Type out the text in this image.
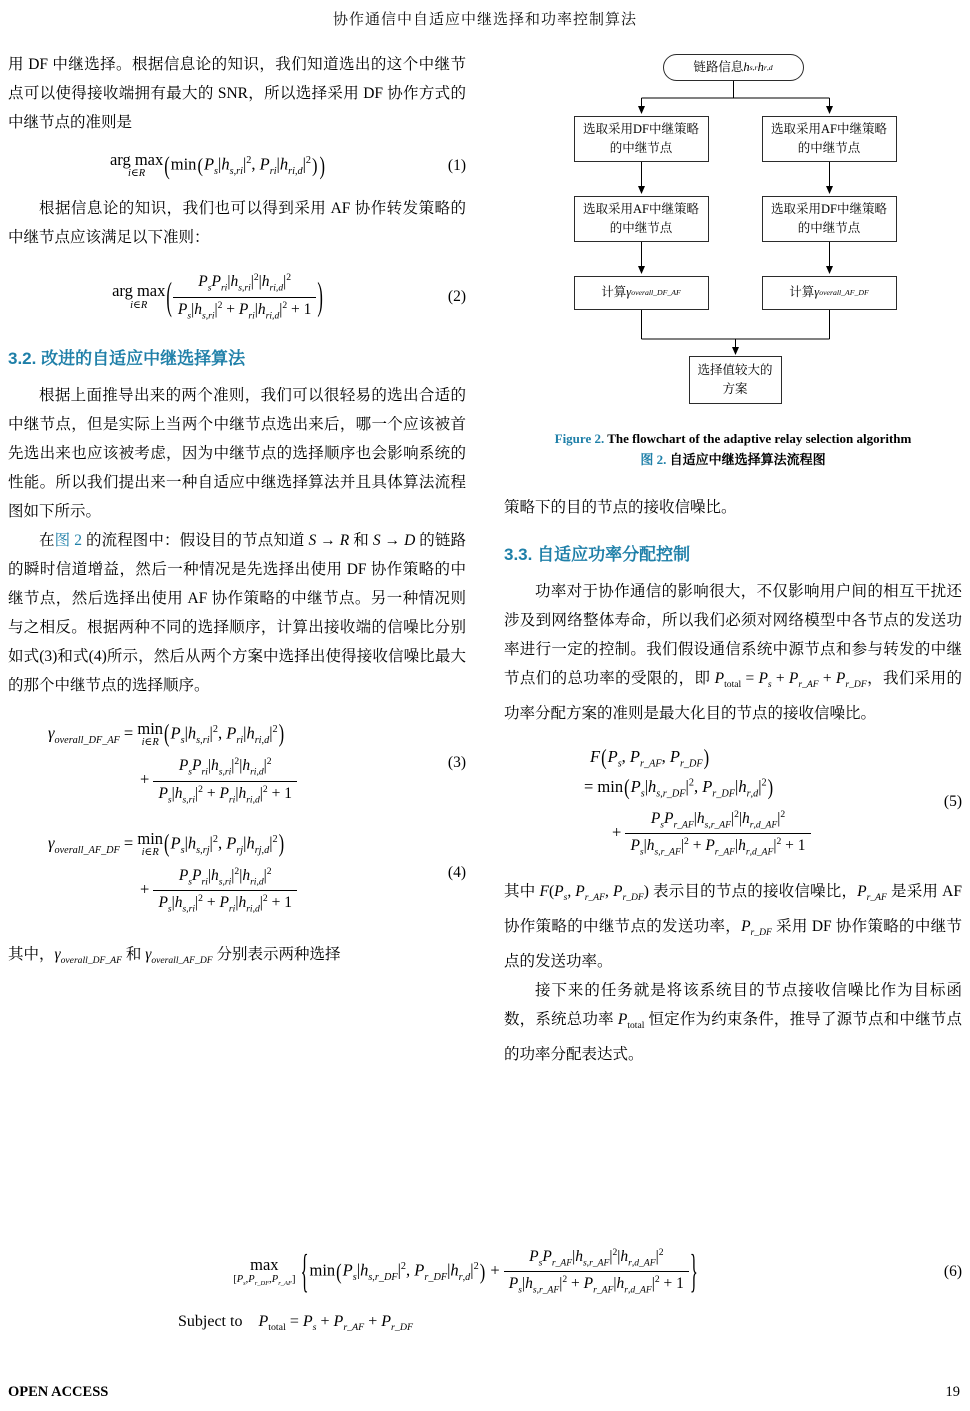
协作通信中自适应中继选择和功率控制算法

用 DF 中继选择。根据信息论的知识，我们知道选出的这个中继节点可以使得接收端拥有最大的 SNR，所以选择采用 DF 协作方式的中继节点的准则是

arg max
i∈R	($\min(P_s|h_{s,ri}|^2$, $P_{ri}|h_{ri,d}|^2$) )	(1)

根据信息论的知识，我们也可以得到采用 AF 协作转发策略的中继节点应该满足以下准则：

arg max
i∈R	(	$P_sP_{ri}|h_{s,ri}|^2|h_{ri,d}|^2$
$P_s|h_{s,ri}|^2 + P_{ri}|h_{ri,d}|^2 + 1$ )	(2)
3.2. 改进的自适应中继选择算法

根据上面推导出来的两个准则，我们可以很轻易的选出合适的中继节点，但是实际上当两个中继节点选出来后，哪一个应该被首先选出来也应该被考虑，因为中继节点的选择顺序也会影响系统的性能。所以我们提出来一种自适应中继选择算法并且具体算法流程图如下所示。

在图 2 的流程图中：假设目的节点知道 S → R 和 S → D 的链路的瞬时信道增益，然后一种情况是先选择出使用 DF 协作策略的中继节点，然后选择出使用 AF 协作策略的中继节点。另一种情况则与之相反。根据两种不同的选择顺序，计算出接收端的信噪比分别如式(3)和式(4)所示，然后从两个方案中选择出使得接收信噪比最大的那个中继节点的选择顺序。

$\gamma_{overall\_DF\_AF} = \min$
i∈R ($P_s|h_{s,ri}|^2$, $P_{ri}|h_{ri,d}|^2$)
+
$P_sP_{ri}|h_{s,ri}|^2|h_{ri,d}|^2$
$P_s|h_{s,ri}|^2 + P_{ri}|h_{ri,d}|^2 + 1$
(3)
$\gamma_{overall\_AF\_DF} = \min$
i∈R ($P_s|h_{s,rj}|^2$, $P_{rj}|h_{rj,d}|^2$)
+
$P_sP_{ri}|h_{s,ri}|^2|h_{ri,d}|^2$
$P_s|h_{s,ri}|^2 + P_{ri}|h_{ri,d}|^2 + 1$
(4)

其中，$\gamma_{overall\_DF\_AF}$ 和 $\gamma_{overall\_AF\_DF}$ 分别表示两种选择

链路信息 h s,r h r,d
选取采用DF中继策略的中继节点
选取采用AF中继策略的中继节点
选取采用AF中继策略的中继节点
选取采用DF中继策略的中继节点
计算 γ overall_DF_AF	计算 γ overall_AF_DF
选择值较大的方案
Figure 2. The flowchart of the adaptive relay selection algorithm
图 2. 自适应中继选择算法流程图

策略下的目的节点的接收信噪比。

3.3. 自适应功率分配控制

功率对于协作通信的影响很大，不仅影响用户间的相互干扰还涉及到网络整体寿命，所以我们必须对网络模型中各节点的发送功率进行一定的控制。我们假设通信系统中源节点和参与转发的中继节点们的总功率的受限的，即 $P_{total} = P_s + P_{r\_AF} + P_{r\_DF}$，我们采用的功率分配方案的准则是最大化目的节点的接收信噪比。

$F(P_s$, $P_{r\_AF}$, $P_{r\_DF}$)
= $\min(P_s|h_{s,r\_DF}|^2$, $P_{r\_DF}|h_{r,d}|^2$)
+
$P_sP_{r\_AF}|h_{s,r\_AF}|^2|h_{r,d\_AF}|^2$
$P_s|h_{s,r\_AF}|^2 + P_{r\_AF}|h_{r,d\_AF}|^2 + 1$
(5)

其中 $F(P_s$, $P_{r\_AF}$, $P_{r\_DF}$) 表示目的节点的接收信噪比，$P_{r\_AF}$ 是采用 AF 协作策略的中继节点的发送功率，$P_{r\_DF}$ 采用 DF 协作策略的中继节点的发送功率。

接下来的任务就是将该系统目的节点接收信噪比作为目标函数，系统总功率 $P_{total}$ 恒定作为约束条件，推导了源节点和中继节点的功率分配表达式。

max
$[P_s,P_{r\_DF},P_{r\_AF}]$ {$\min(P_s|h_{s,r\_DF}|^2$, $P_{r\_DF}|h_{r,d}|^2$) +
$P_sP_{r\_AF}|h_{s,r\_AF}|^2|h_{r,d\_AF}|^2$
$P_s|h_{s,r\_AF}|^2 + P_{r\_AF}|h_{r,d\_AF}|^2 + 1$ }	(6)
Subject to  $P_{total} = P_s + P_{r\_AF} + P_{r\_DF}$
OPEN ACCESS	19
